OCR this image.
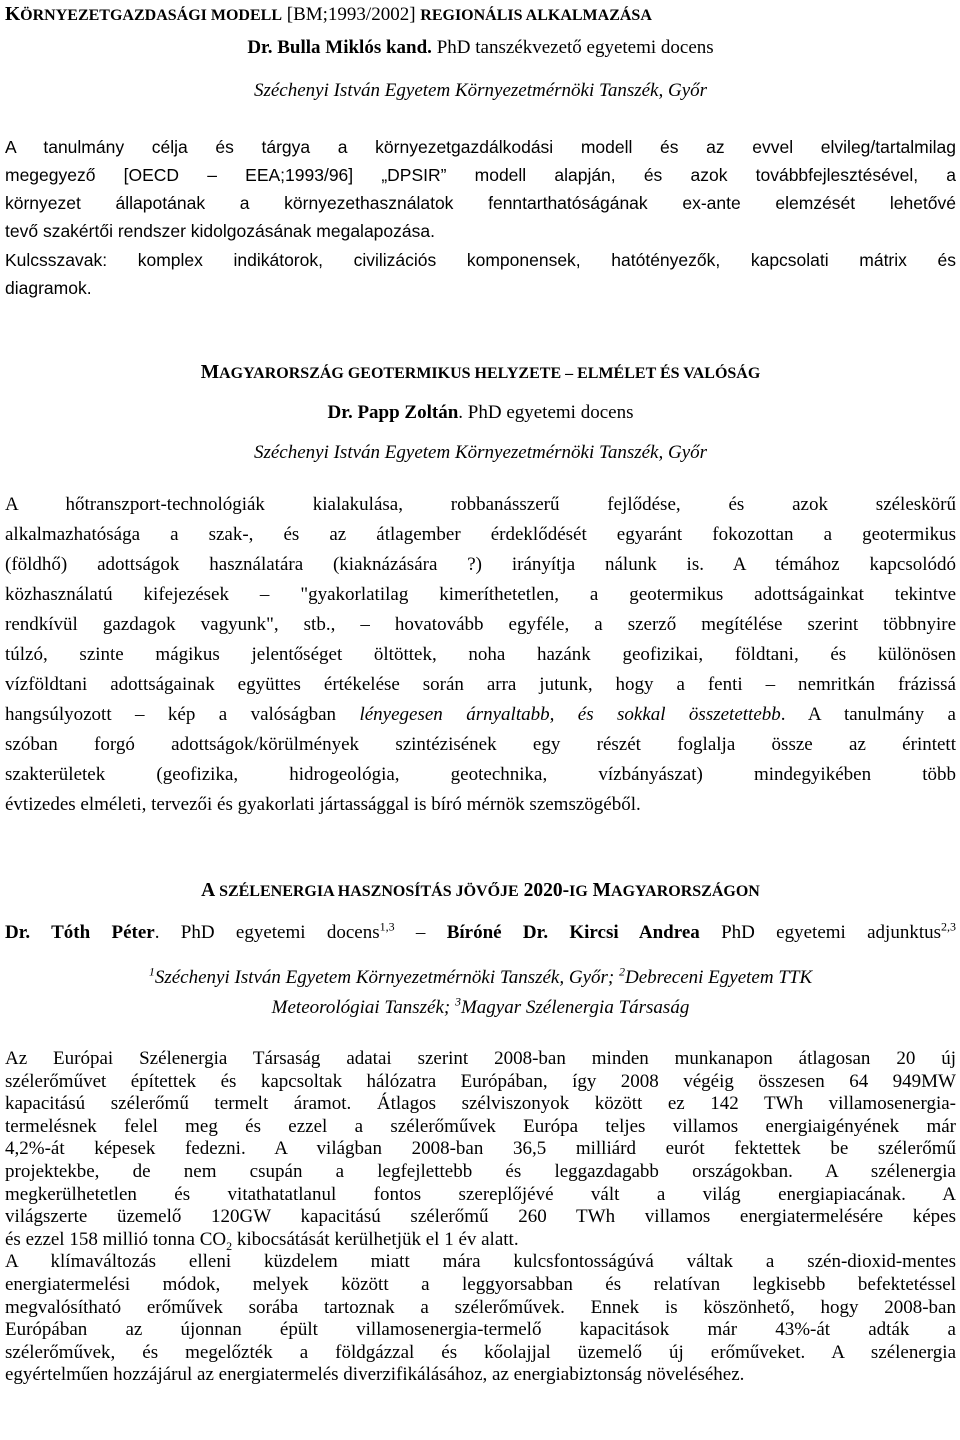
KÖRNYEZETGAZDASÁGI MODELL [BM;1993/2002] REGIONÁLIS ALKALMAZÁSA
Dr. Bulla Miklós kand. PhD tanszékvezető egyetemi docens
Széchenyi István Egyetem Környezetmérnöki Tanszék, Győr
A tanulmány célja és tárgya a környezetgazdálkodási modell és az evvel elvileg/tartalmilag
megegyező [OECD – EEA;1993/96] „DPSIR” modell alapján, és azok továbbfejlesztésével, a
környezet állapotának a környezethasználatok fenntarthatóságának ex-ante elemzését lehetővé
tevő szakértői rendszer kidolgozásának megalapozása.
Kulcsszavak: komplex indikátorok, civilizációs komponensek, hatótényezők, kapcsolati mátrix és
diagramok.
MAGYARORSZÁG GEOTERMIKUS HELYZETE – ELMÉLET ÉS VALÓSÁG
Dr. Papp Zoltán. PhD egyetemi docens
Széchenyi István Egyetem Környezetmérnöki Tanszék, Győr
A hőtranszport-technológiák kialakulása, robbanásszerű fejlődése, és azok széleskörű
alkalmazhatósága a szak-, és az átlagember érdeklődését egyaránt fokozottan a geotermikus
(földhő) adottságok használatára (kiaknázására ?) irányítja nálunk is. A témához kapcsolódó
közhasználatú kifejezések – "gyakorlatilag kimeríthetetlen, a geotermikus adottságainkat tekintve
rendkívül gazdagok vagyunk", stb., – hovatovább egyféle, a szerző megítélése szerint többnyire
túlzó, szinte mágikus jelentőséget öltöttek, noha hazánk geofizikai, földtani, és különösen
vízföldtani adottságainak együttes értékelése során arra jutunk, hogy a fenti – nemritkán frázissá
hangsúlyozott – kép a valóságban lényegesen árnyaltabb, és sokkal összetettebb. A tanulmány a
szóban forgó adottságok/körülmények szintézisének egy részét foglalja össze az érintett
szakterületek (geofizika, hidrogeológia, geotechnika, vízbányászat) mindegyikében több
évtizedes elméleti, tervezői és gyakorlati jártassággal is bíró mérnök szemszögéből.
A SZÉLENERGIA HASZNOSÍTÁS JÖVŐJE 2020-IG MAGYARORSZÁGON
Dr. Tóth Péter. PhD egyetemi docens$^{1,3}$ – Bíróné Dr. Kircsi Andrea PhD egyetemi adjunktus$^{2,3}$
$^1$Széchenyi István Egyetem Környezetmérnöki Tanszék, Győr; $^2$Debreceni Egyetem TTK
Meteorológiai Tanszék; $^3$Magyar Szélenergia Társaság
Az Európai Szélenergia Társaság adatai szerint 2008-ban minden munkanapon átlagosan 20 új
szélerőművet építettek és kapcsoltak hálózatra Európában, így 2008 végéig összesen 64 949MW
kapacitású szélerőmű termelt áramot. Átlagos szélviszonyok között ez 142 TWh villamosenergia-
termelésnek felel meg és ezzel a szélerőművek Európa teljes villamos energiaigényének már
4,2%-át képesek fedezni. A világban 2008-ban 36,5 milliárd eurót fektettek be szélerőmű
projektekbe, de nem csupán a legfejlettebb és leggazdagabb országokban. A szélenergia
megkerülhetetlen és vitathatatlanul fontos szereplőjévé vált a világ energiapiacának. A
világszerte üzemelő 120GW kapacitású szélerőmű 260 TWh villamos energiatermelésére képes
és ezzel 158 millió tonna $CO_2$ kibocsátását kerülhetjük el 1 év alatt.
A klímaváltozás elleni küzdelem miatt mára kulcsfontosságúvá váltak a szén-dioxid-mentes
energiatermelési módok, melyek között a leggyorsabban és relatívan legkisebb befektetéssel
megvalósítható erőművek sorába tartoznak a szélerőművek. Ennek is köszönhető, hogy 2008-ban
Európában az újonnan épült villamosenergia-termelő kapacitások már 43%-át adták a
szélerőművek, és megelőzték a földgázzal és kőolajjal üzemelő új erőműveket. A szélenergia
egyértelműen hozzájárul az energiatermelés diverzifikálásához, az energiabiztonság növeléséhez.
